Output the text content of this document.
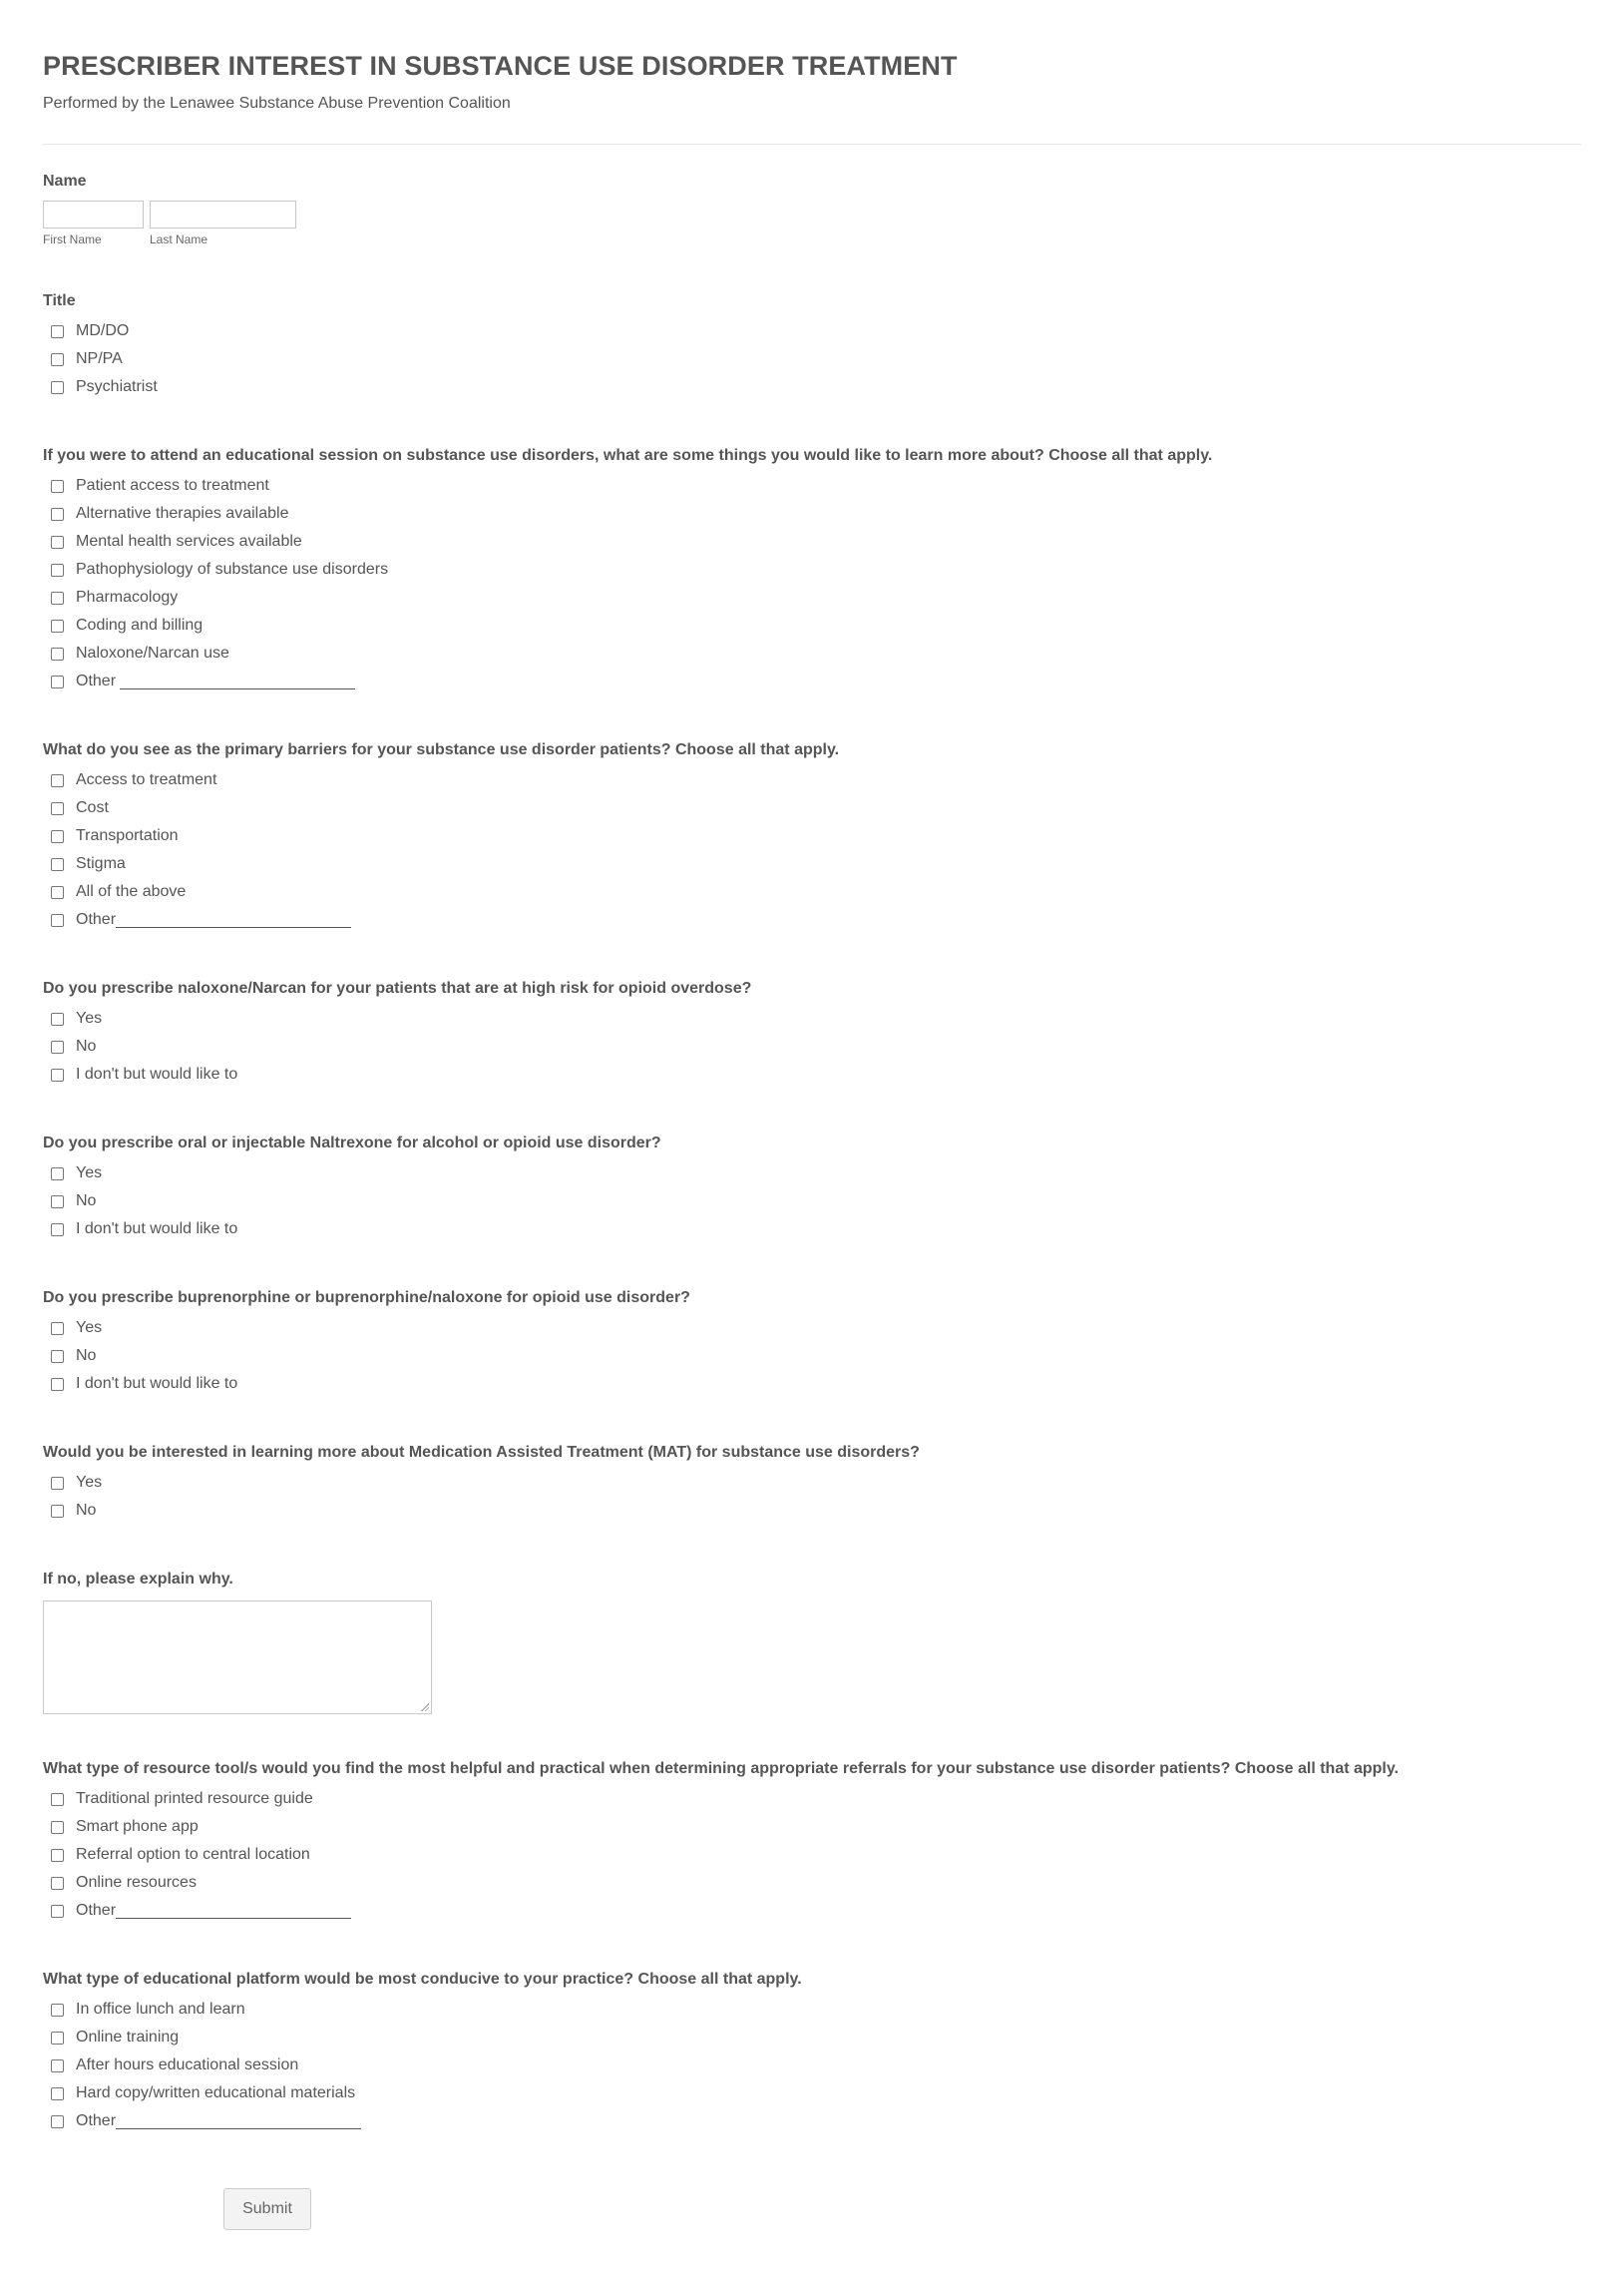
PRESCRIBER INTEREST IN SUBSTANCE USE DISORDER TREATMENT

Performed by the Lenawee Substance Abuse Prevention Coalition

Name

First Name	Last Name

Title

MD/DO
NP/PA
Psychiatrist

If you were to attend an educational session on substance use disorders, what are some things you would like to learn more about? Choose all that apply.

Patient access to treatment
Alternative therapies available
Mental health services available
Pathophysiology of substance use disorders
Pharmacology
Coding and billing
Naloxone/Narcan use
Other

What do you see as the primary barriers for your substance use disorder patients? Choose all that apply.

Access to treatment
Cost
Transportation
Stigma
All of the above
Other

Do you prescribe naloxone/Narcan for your patients that are at high risk for opioid overdose?

Yes
No
I don't but would like to

Do you prescribe oral or injectable Naltrexone for alcohol or opioid use disorder?

Yes
No
I don't but would like to

Do you prescribe buprenorphine or buprenorphine/naloxone for opioid use disorder?

Yes
No
I don't but would like to

Would you be interested in learning more about Medication Assisted Treatment (MAT) for substance use disorders?

Yes
No

If no, please explain why.

What type of resource tool/s would you find the most helpful and practical when determining appropriate referrals for your substance use disorder patients? Choose all that apply.

Traditional printed resource guide
Smart phone app
Referral option to central location
Online resources
Other

What type of educational platform would be most conducive to your practice? Choose all that apply.

In office lunch and learn
Online training
After hours educational session
Hard copy/written educational materials
Other
Submit
